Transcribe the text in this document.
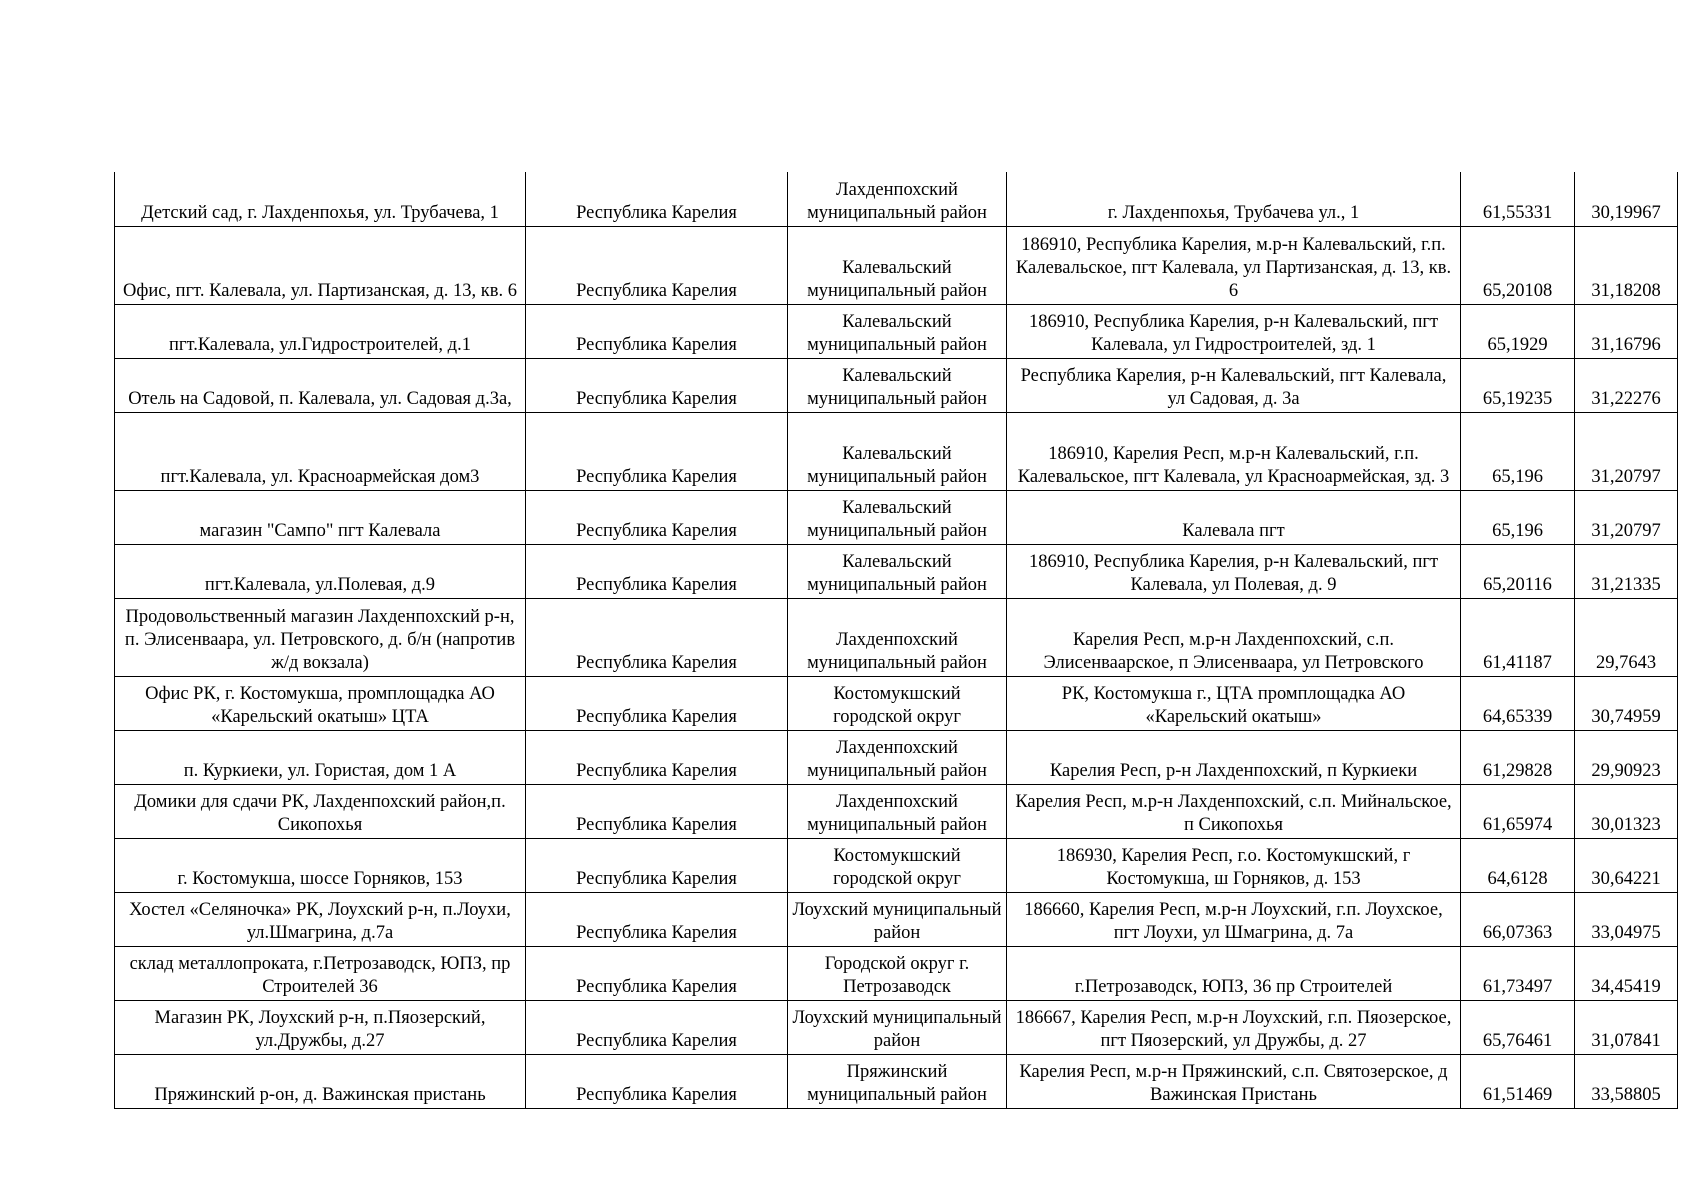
Детский сад, г. Лахденпохья, ул. Трубачева, 1	Республика Карелия	Лахденпохский муниципальный район	г. Лахденпохья, Трубачева ул., 1	61,55331	30,19967
Офис, пгт. Калевала, ул. Партизанская, д. 13, кв. 6	Республика Карелия	Калевальский муниципальный район	186910, Республика Карелия, м.р-н Калевальский, г.п. Калевальское, пгт Калевала, ул Партизанская, д. 13, кв. 6	65,20108	31,18208
пгт.Калевала, ул.Гидростроителей, д.1	Республика Карелия	Калевальский муниципальный район	186910, Республика Карелия, р-н Калевальский, пгт Калевала, ул Гидростроителей, зд. 1	65,1929	31,16796
Отель на Садовой, п. Калевала, ул. Садовая д.3а,	Республика Карелия	Калевальский муниципальный район	Республика Карелия, р-н Калевальский, пгт Калевала, ул Садовая, д. 3а	65,19235	31,22276
пгт.Калевала, ул. Красноармейская дом3	Республика Карелия	Калевальский муниципальный район	186910, Карелия Респ, м.р-н Калевальский, г.п. Калевальское, пгт Калевала, ул Красноармейская, зд. 3	65,196	31,20797
магазин "Сампо" пгт Калевала	Республика Карелия	Калевальский муниципальный район	Калевала пгт	65,196	31,20797
пгт.Калевала, ул.Полевая, д.9	Республика Карелия	Калевальский муниципальный район	186910, Республика Карелия, р-н Калевальский, пгт Калевала, ул Полевая, д. 9	65,20116	31,21335
Продовольственный магазин Лахденпохский р-н, п. Элисенваара, ул. Петровского, д. б/н (напротив ж/д вокзала)	Республика Карелия	Лахденпохский муниципальный район	Карелия Респ, м.р-н Лахденпохский, с.п. Элисенваарское, п Элисенваара, ул Петровского	61,41187	29,7643
Офис РК, г. Костомукша, промплощадка АО «Карельский окатыш» ЦТА	Республика Карелия	Костомукшский городской округ	РК, Костомукша г., ЦТА промплощадка АО «Карельский окатыш»	64,65339	30,74959
п. Куркиеки, ул. Гористая, дом 1 А	Республика Карелия	Лахденпохский муниципальный район	Карелия Респ, р-н Лахденпохский, п Куркиеки	61,29828	29,90923
Домики для сдачи РК, Лахденпохский район,п. Сикопохья	Республика Карелия	Лахденпохский муниципальный район	Карелия Респ, м.р-н Лахденпохский, с.п. Мийнальское, п Сикопохья	61,65974	30,01323
г. Костомукша, шоссе Горняков, 153	Республика Карелия	Костомукшский городской округ	186930, Карелия Респ, г.о. Костомукшский, г Костомукша, ш Горняков, д. 153	64,6128	30,64221
Хостел «Селяночка» РК, Лоухский р-н, п.Лоухи, ул.Шмагрина, д.7а	Республика Карелия	Лоухский муниципальный район	186660, Карелия Респ, м.р-н Лоухский, г.п. Лоухское, пгт Лоухи, ул Шмагрина, д. 7а	66,07363	33,04975
склад металлопроката, г.Петрозаводск, ЮПЗ, пр Строителей 36	Республика Карелия	Городской округ г. Петрозаводск	г.Петрозаводск, ЮПЗ, 36 пр Строителей	61,73497	34,45419
Магазин РК, Лоухский р-н, п.Пяозерский, ул.Дружбы, д.27	Республика Карелия	Лоухский муниципальный район	186667, Карелия Респ, м.р-н Лоухский, г.п. Пяозерское, пгт Пяозерский, ул Дружбы, д. 27	65,76461	31,07841
Пряжинский р-он, д. Важинская пристань	Республика Карелия	Пряжинский муниципальный район	Карелия Респ, м.р-н Пряжинский, с.п. Святозерское, д Важинская Пристань	61,51469	33,58805
